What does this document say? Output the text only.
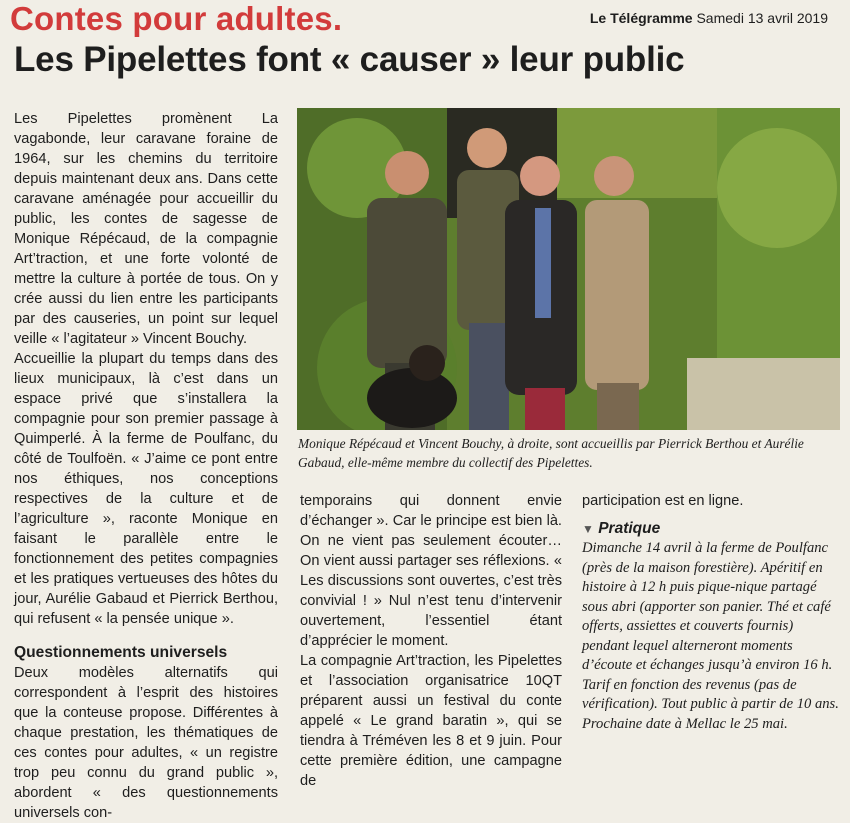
Contes pour adultes.	Le Télégramme Samedi 13 avril 2019
Les Pipelettes font « causer » leur public

Les Pipelettes promènent La vagabonde, leur caravane foraine de 1964, sur les chemins du territoire depuis maintenant deux ans. Dans cette caravane aménagée pour accueillir du public, les contes de sagesse de Monique Répécaud, de la compagnie Art’traction, et une forte volonté de mettre la culture à portée de tous. On y crée aussi du lien entre les participants par des causeries, un point sur lequel veille « l’agitateur » Vincent Bouchy.

Accueillie la plupart du temps dans des lieux municipaux, là c’est dans un espace privé que s’installera la compagnie pour son premier passage à Quimperlé. À la ferme de Poulfanc, du côté de Toulfoën. « J’aime ce pont entre nos éthiques, nos conceptions respectives de la culture et de l’agriculture », raconte Monique en faisant le parallèle entre le fonctionnement des petites compagnies et les pratiques vertueuses des hôtes du jour, Aurélie Gabaud et Pierrick Berthou, qui refusent « la pensée unique ».

Questionnements universels

Deux modèles alternatifs qui correspondent à l’esprit des histoires que la conteuse propose. Différentes à chaque prestation, les thématiques de ces contes pour adultes, « un registre trop peu connu du grand public », abordent « des questionnements universels con-

Monique Répécaud et Vincent Bouchy, à droite, sont accueillis par Pierrick Berthou et Aurélie Gabaud, elle-même membre du collectif des Pipelettes.

temporains qui donnent envie d’échanger ». Car le principe est bien là. On ne vient pas seulement écouter… On vient aussi partager ses réflexions. « Les discussions sont ouvertes, c’est très convivial ! » Nul n’est tenu d’intervenir ouvertement, l’essentiel étant d’apprécier le moment.

La compagnie Art’traction, les Pipelettes et l’association organisatrice 10QT préparent aussi un festival du conte appelé « Le grand baratin », qui se tiendra à Tréméven les 8 et 9 juin. Pour cette première édition, une campagne de

participation est en ligne.

▼ Pratique

Dimanche 14 avril à la ferme de Poulfanc (près de la maison forestière). Apéritif en histoire à 12 h puis pique-nique partagé sous abri (apporter son panier. Thé et café offerts, assiettes et couverts fournis) pendant lequel alterneront moments d’écoute et échanges jusqu’à environ 16 h. Tarif en fonction des revenus (pas de vérification). Tout public à partir de 10 ans. Prochaine date à Mellac le 25 mai.
